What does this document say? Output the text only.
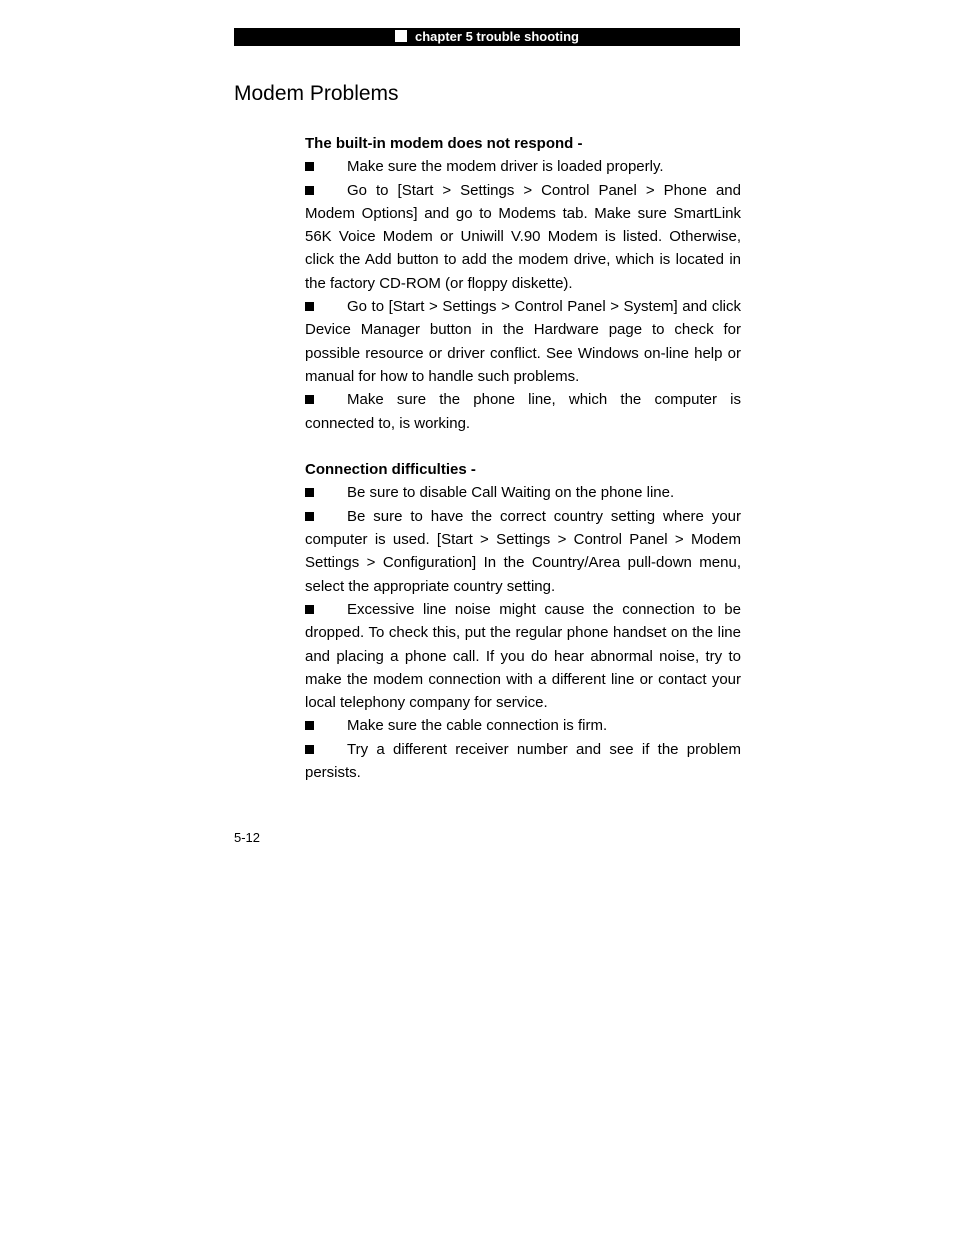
chapter 5 trouble shooting
Modem Problems

The built-in modem does not respond -

Make sure the modem driver is loaded properly.

Go to [Start > Settings > Control Panel > Phone and Modem Options] and go to Modems tab. Make sure SmartLink 56K Voice Modem or Uniwill V.90 Modem is listed. Otherwise, click the Add button to add the modem drive, which is located in the factory CD-ROM (or floppy diskette).

Go to [Start > Settings > Control Panel > System] and click Device Manager button in the Hardware page to check for possible resource or driver conflict. See Windows on-line help or manual for how to handle such problems.

Make sure the phone line, which the computer is connected to, is working.

Connection difficulties -

Be sure to disable Call Waiting on the phone line.

Be sure to have the correct country setting where your computer is used. [Start > Settings > Control Panel > Modem Settings > Configuration] In the Country/Area pull-down menu, select the appropriate country setting.

Excessive line noise might cause the connection to be dropped. To check this, put the regular phone handset on the line and placing a phone call. If you do hear abnormal noise, try to make the modem connection with a different line or contact your local telephony company for service.

Make sure the cable connection is firm.

Try a different receiver number and see if the problem persists.

5-12
